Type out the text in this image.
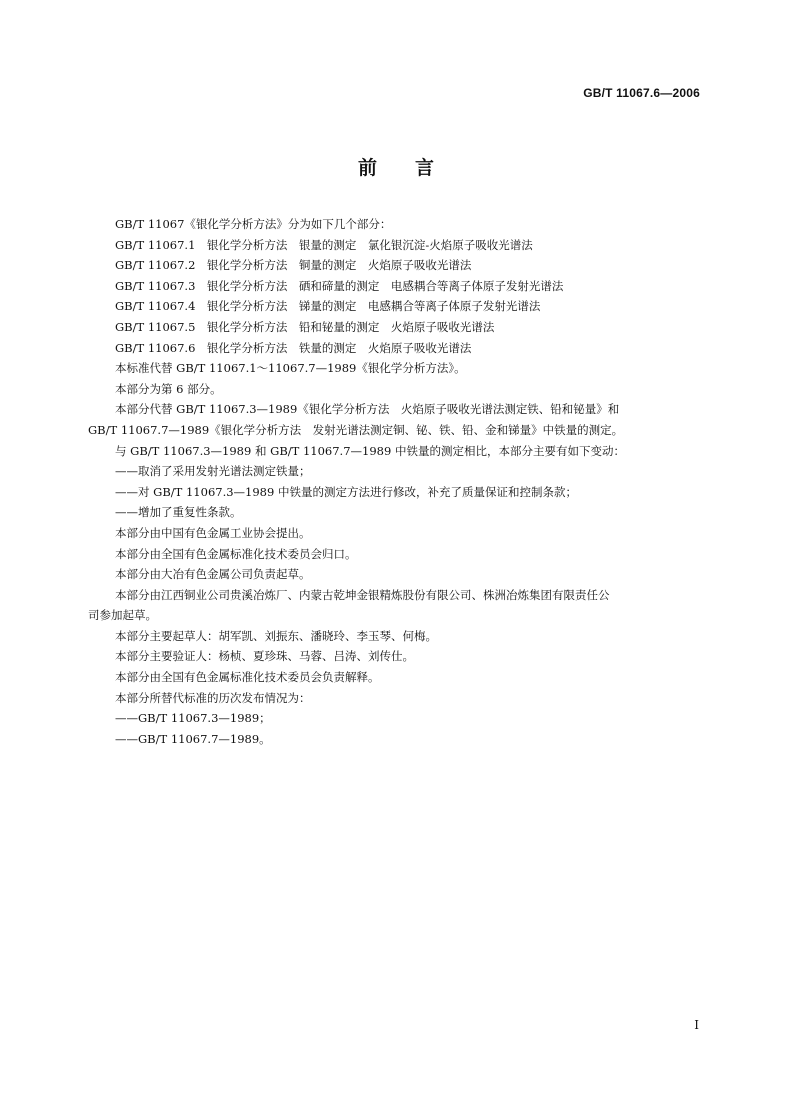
GB/T 11067.6—2006
前 言
GB/T 11067《银化学分析方法》分为如下几个部分：
GB/T 11067.1　银化学分析方法　银量的测定　氯化银沉淀-火焰原子吸收光谱法
GB/T 11067.2　银化学分析方法　铜量的测定　火焰原子吸收光谱法
GB/T 11067.3　银化学分析方法　硒和碲量的测定　电感耦合等离子体原子发射光谱法
GB/T 11067.4　银化学分析方法　锑量的测定　电感耦合等离子体原子发射光谱法
GB/T 11067.5　银化学分析方法　铅和铋量的测定　火焰原子吸收光谱法
GB/T 11067.6　银化学分析方法　铁量的测定　火焰原子吸收光谱法
本标准代替 GB/T 11067.1～11067.7—1989《银化学分析方法》。
本部分为第 6 部分。
本部分代替 GB/T 11067.3—1989《银化学分析方法　火焰原子吸收光谱法测定铁、铅和铋量》和
GB/T 11067.7—1989《银化学分析方法　发射光谱法测定铜、铋、铁、铅、金和锑量》中铁量的测定。
与 GB/T 11067.3—1989 和 GB/T 11067.7—1989 中铁量的测定相比，本部分主要有如下变动：
——取消了采用发射光谱法测定铁量；
——对 GB/T 11067.3—1989 中铁量的测定方法进行修改，补充了质量保证和控制条款；
——增加了重复性条款。
本部分由中国有色金属工业协会提出。
本部分由全国有色金属标准化技术委员会归口。
本部分由大冶有色金属公司负责起草。
本部分由江西铜业公司贵溪冶炼厂、内蒙古乾坤金银精炼股份有限公司、株洲冶炼集团有限责任公
司参加起草。
本部分主要起草人：胡军凯、刘振东、潘晓玲、李玉琴、何梅。
本部分主要验证人：杨桢、夏珍珠、马蓉、吕涛、刘传仕。
本部分由全国有色金属标准化技术委员会负责解释。
本部分所替代标准的历次发布情况为：
——GB/T 11067.3—1989；
——GB/T 11067.7—1989。
I
